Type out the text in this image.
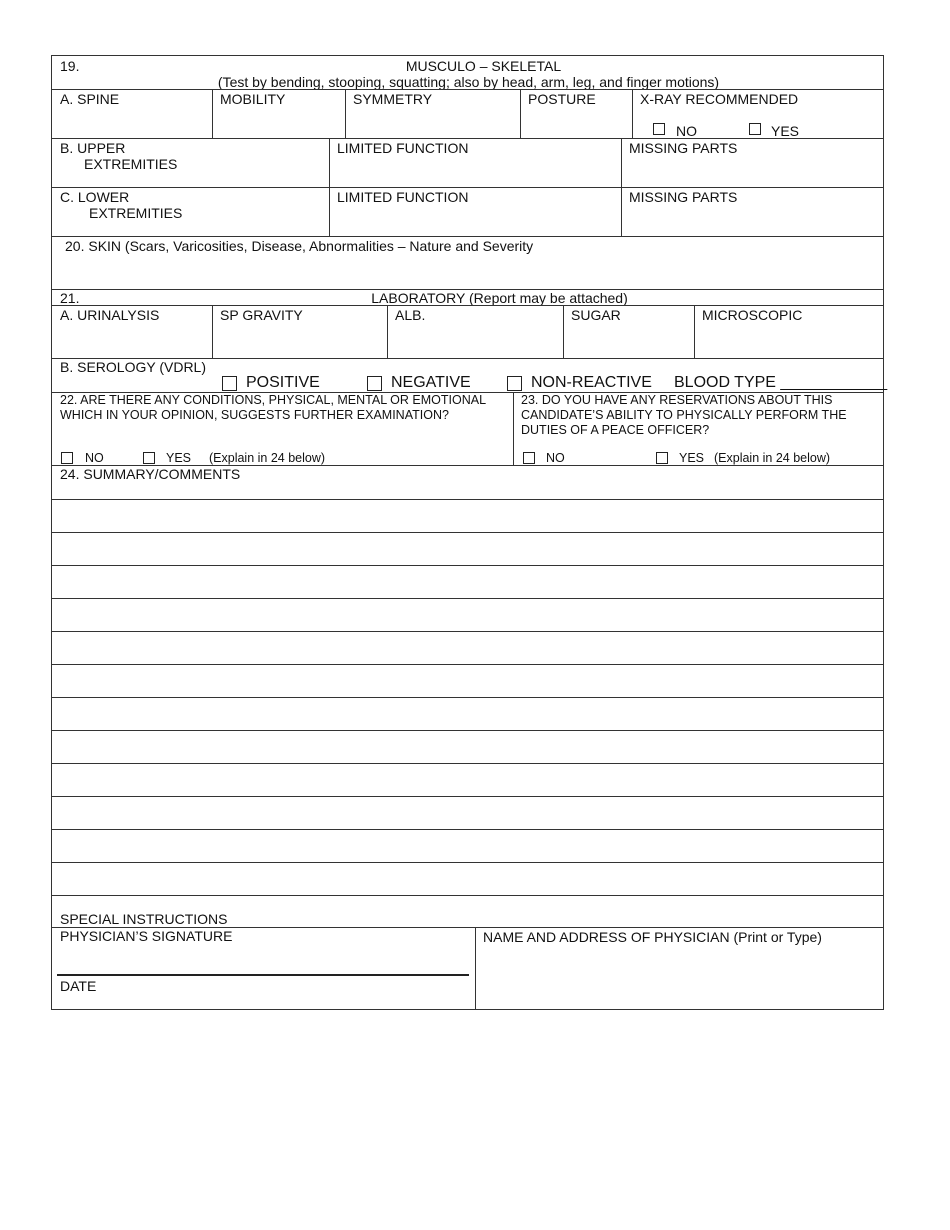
19.	MUSCULO – SKELETAL
(Test by bending, stooping, squatting; also by head, arm, leg, and finger motions)
A. SPINE	MOBILITY	SYMMETRY	POSTURE	X-RAY RECOMMENDED
NO	YES
B. UPPER
EXTREMITIES
LIMITED FUNCTION	MISSING PARTS
C. LOWER
EXTREMITIES
LIMITED FUNCTION	MISSING PARTS
20. SKIN (Scars, Varicosities, Disease, Abnormalities – Nature and Severity
21.	LABORATORY (Report may be attached)
A. URINALYSIS	SP GRAVITY	ALB.	SUGAR	MICROSCOPIC
B. SEROLOGY (VDRL)
POSITIVE	NEGATIVE	NON-REACTIVE BLOOD TYPE ____________
22. ARE THERE ANY CONDITIONS, PHYSICAL, MENTAL OR EMOTIONAL
WHICH IN YOUR OPINION, SUGGESTS FURTHER EXAMINATION?
NO	YES (Explain in 24 below)
23. DO YOU HAVE ANY RESERVATIONS ABOUT THIS
CANDIDATE’S ABILITY TO PHYSICALLY PERFORM THE
DUTIES OF A PEACE OFFICER?
NO	YES (Explain in 24 below)
24. SUMMARY/COMMENTS
SPECIAL INSTRUCTIONS
PHYSICIAN’S SIGNATURE
DATE
NAME AND ADDRESS OF PHYSICIAN (Print or Type)
